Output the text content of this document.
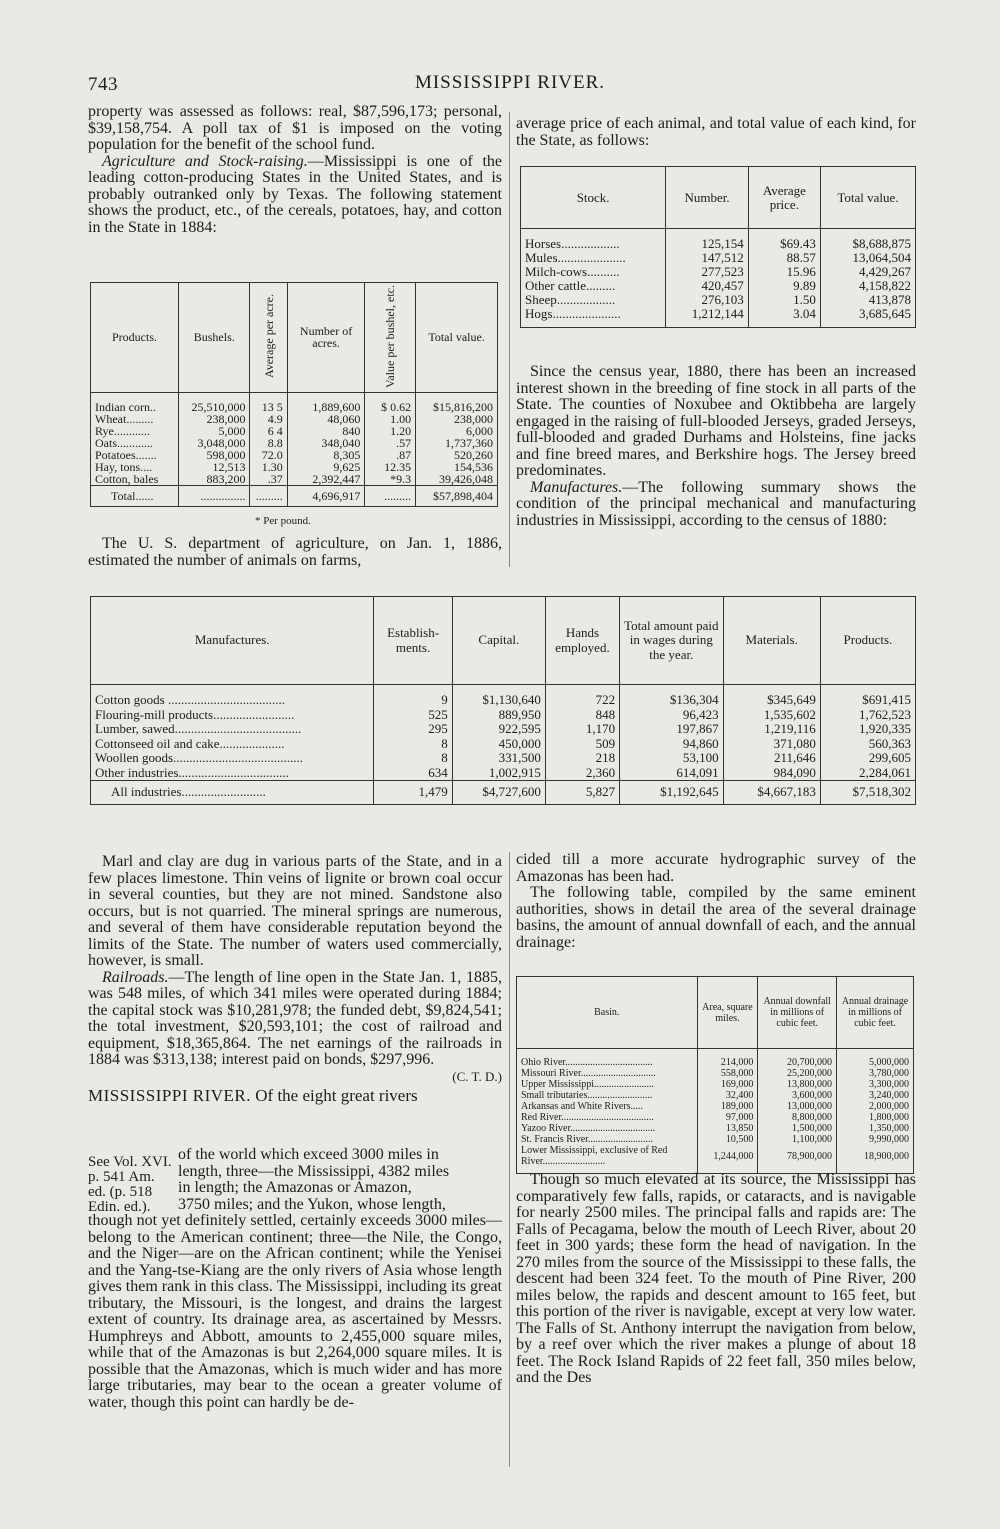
743	MISSISSIPPI RIVER.

property was assessed as follows: real, $87,596,173; personal, $39,158,754. A poll tax of $1 is imposed on the voting population for the benefit of the school fund.

Agriculture and Stock-raising.—Mississippi is one of the leading cotton-producing States in the United States, and is probably outranked only by Texas. The following statement shows the product, etc., of the cereals, potatoes, hay, and cotton in the State in 1884:

Products.	Bushels.	Average per acre.	Number of acres.	Value per bushel, etc.	Total value.
Indian corn..	25,510,000	13 5	1,889,600	$ 0.62	$15,816,200
Wheat.........	238,000	4.9	48,060	1.00	238,000
Rye............	5,000	6 4	840	1.20	6,000
Oats............	3,048,000	8.8	348,040	.57	1,737,360
Potatoes.......	598,000	72.0	8,305	.87	520,260
Hay, tons....	12,513	1.30	9,625	12.35	154,536
Cotton, bales	883,200	.37	2,392,447	*9.3	39,426,048
Total......	...............	.........	4,696,917	.........	$57,898,404
* Per pound.

The U. S. department of agriculture, on Jan. 1, 1886, estimated the number of animals on farms,

average price of each animal, and total value of each kind, for the State, as follows:

Stock.	Number.	Average price.	Total value.
Horses..................	125,154	$69.43	$8,688,875
Mules.....................	147,512	88.57	13,064,504
Milch-cows..........	277,523	15.96	4,429,267
Other cattle.........	420,457	9.89	4,158,822
Sheep..................	276,103	1.50	413,878
Hogs.....................	1,212,144	3.04	3,685,645

Since the census year, 1880, there has been an increased interest shown in the breeding of fine stock in all parts of the State. The counties of Noxubee and Oktibbeha are largely engaged in the raising of full-blooded Jerseys, graded Jerseys, full-blooded and graded Durhams and Holsteins, fine jacks and fine breed mares, and Berkshire hogs. The Jersey breed predominates.

Manufactures.—The following summary shows the condition of the principal mechanical and manufacturing industries in Mississippi, according to the census of 1880:

Manufactures.	Establish-ments.	Capital.	Hands employed.	Total amount paid in wages during the year.	Materials.	Products.
Cotton goods ....................................	9	$1,130,640	722	$136,304	$345,649	$691,415
Flouring-mill products.........................	525	889,950	848	96,423	1,535,602	1,762,523
Lumber, sawed.......................................	295	922,595	1,170	197,867	1,219,116	1,920,335
Cottonseed oil and cake....................	8	450,000	509	94,860	371,080	560,363
Woollen goods........................................	8	331,500	218	53,100	211,646	299,605
Other industries..................................	634	1,002,915	2,360	614,091	984,090	2,284,061
All industries..........................	1,479	$4,727,600	5,827	$1,192,645	$4,667,183	$7,518,302

Marl and clay are dug in various parts of the State, and in a few places limestone. Thin veins of lignite or brown coal occur in several counties, but they are not mined. Sandstone also occurs, but is not quarried. The mineral springs are numerous, and several of them have considerable reputation beyond the limits of the State. The number of waters used commercially, however, is small.

Railroads.—The length of line open in the State Jan. 1, 1885, was 548 miles, of which 341 miles were operated during 1884; the capital stock was $10,281,978; the funded debt, $9,824,541; the total investment, $20,593,101; the cost of railroad and equipment, $18,365,864. The net earnings of the railroads in 1884 was $313,138; interest paid on bonds, $297,996.

(C. T. D.)

MISSISSIPPI RIVER. Of the eight great rivers

See Vol. XVI. p. 541 Am. ed. (p. 518 Edin. ed.).

of the world which exceed 3000 miles in

length, three—the Mississippi, 4382 miles

in length; the Amazonas or Amazon,

3750 miles; and the Yukon, whose length,

though not yet definitely settled, certainly exceeds 3000 miles—belong to the American continent; three—the Nile, the Congo, and the Niger—are on the African continent; while the Yenisei and the Yang-tse-Kiang are the only rivers of Asia whose length gives them rank in this class. The Mississippi, including its great tributary, the Missouri, is the longest, and drains the largest extent of country. Its drainage area, as ascertained by Messrs. Humphreys and Abbott, amounts to 2,455,000 square miles, while that of the Amazonas is but 2,264,000 square miles. It is possible that the Amazonas, which is much wider and has more large tributaries, may bear to the ocean a greater volume of water, though this point can hardly be de-

cided till a more accurate hydrographic survey of the Amazonas has been had.

The following table, compiled by the same eminent authorities, shows in detail the area of the several drainage basins, the amount of annual downfall of each, and the annual drainage:

Basin.	Area, square miles.	Annual downfall in millions of cubic feet.	Annual drainage in millions of cubic feet.
Ohio River...................................	214,000	20,700,000	5,000,000
Missouri River..............................	558,000	25,200,000	3,780,000
Upper Mississippi........................	169,000	13,800,000	3,300,000
Small tributaries..........................	32,400	3,600,000	3,240,000
Arkansas and White Rivers.....	189,000	13,000,000	2,000,000
Red River.....................................	97,000	8,800,000	1,800,000
Yazoo River..................................	13,850	1,500,000	1,350,000
St. Francis River..........................	10,500	1,100,000	9,990,000
Lower Mississippi, exclusive of Red River.........................	1,244,000	78,900,000	18,900,000

Though so much elevated at its source, the Mississippi has comparatively few falls, rapids, or cataracts, and is navigable for nearly 2500 miles. The principal falls and rapids are: The Falls of Pecagama, below the mouth of Leech River, about 20 feet in 300 yards; these form the head of navigation. In the 270 miles from the source of the Mississippi to these falls, the descent had been 324 feet. To the mouth of Pine River, 200 miles below, the rapids and descent amount to 165 feet, but this portion of the river is navigable, except at very low water. The Falls of St. Anthony interrupt the navigation from below, by a reef over which the river makes a plunge of about 18 feet. The Rock Island Rapids of 22 feet fall, 350 miles below, and the Des
